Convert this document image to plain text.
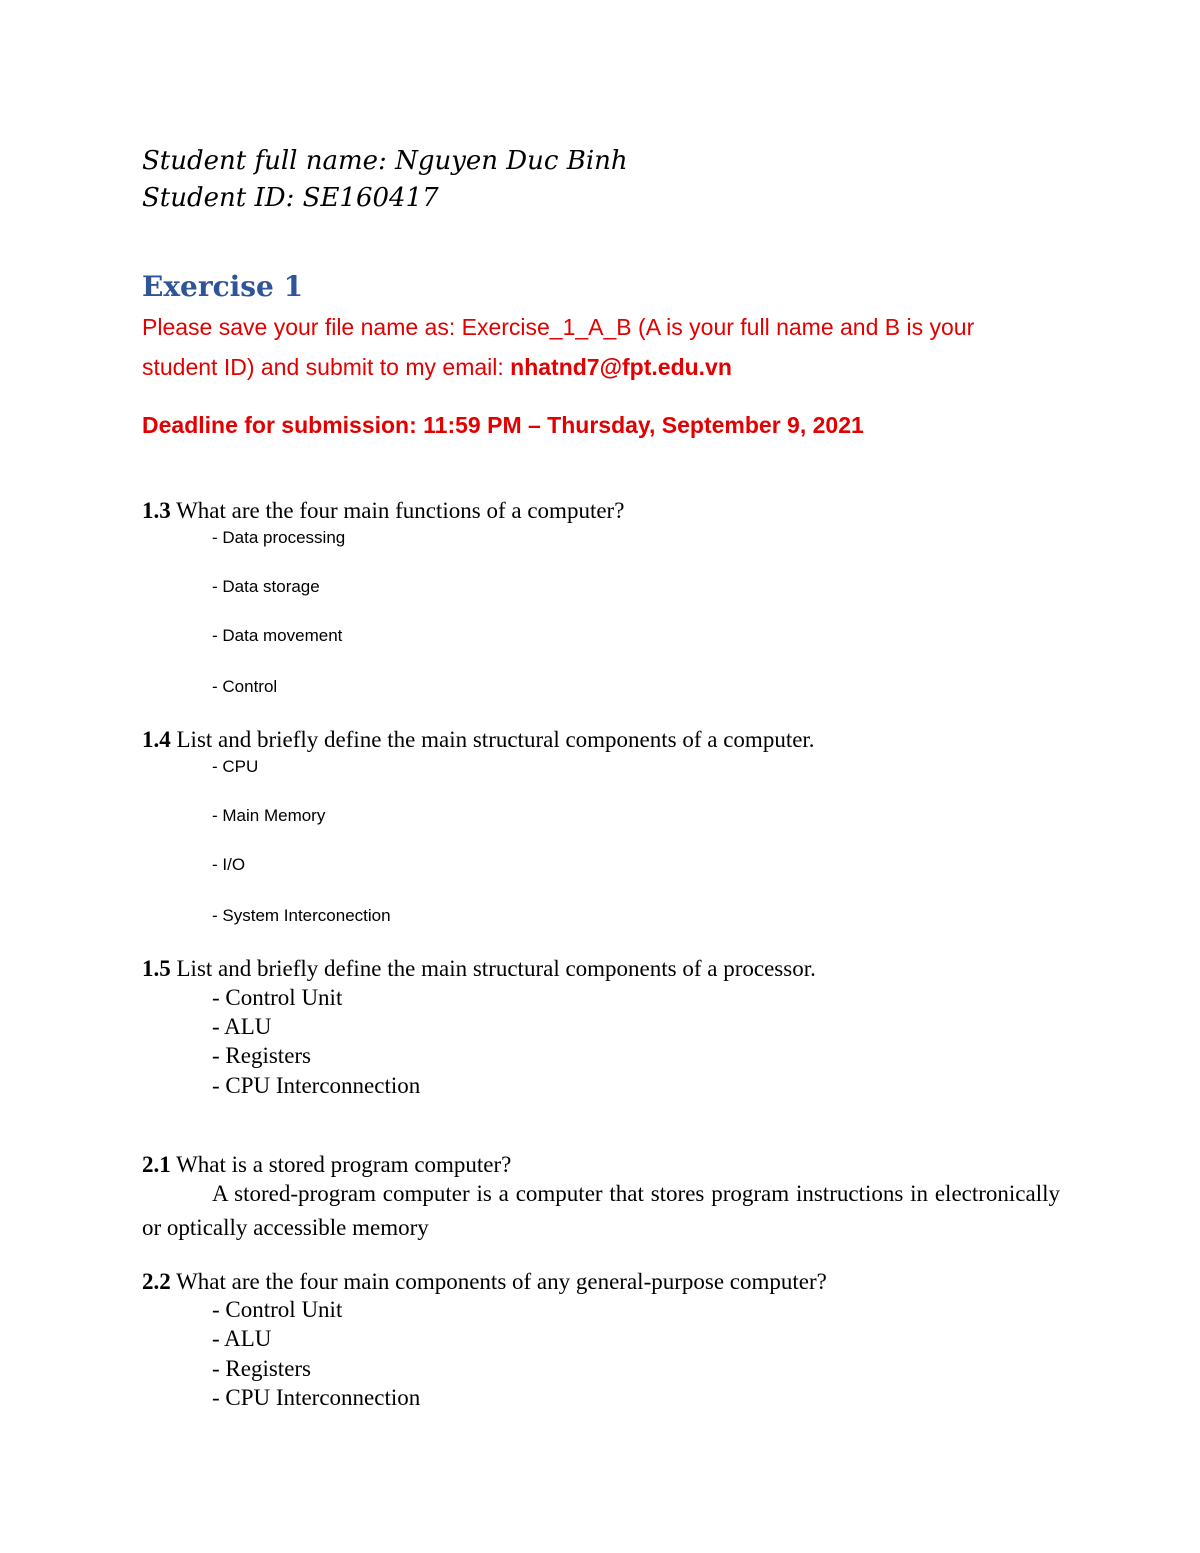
Student full name: Nguyen Duc Binh
Student ID: SE160417
Exercise 1
Please save your file name as: Exercise_1_A_B (A is your full name and B is your
student ID) and submit to my email: nhatnd7@fpt.edu.vn
Deadline for submission: 11:59 PM – Thursday, September 9, 2021
1.3 What are the four main functions of a computer?
- Data processing
- Data storage
- Data movement
- Control
1.4 List and briefly define the main structural components of a computer.
- CPU
- Main Memory
- I/O
- System Interconection
1.5 List and briefly define the main structural components of a processor.
- Control Unit
- ALU
- Registers
- CPU Interconnection
2.1 What is a stored program computer?
A stored-program computer is a computer that stores program instructions in electronically or optically accessible memory
2.2 What are the four main components of any general-purpose computer?
- Control Unit
- ALU
- Registers
- CPU Interconnection
